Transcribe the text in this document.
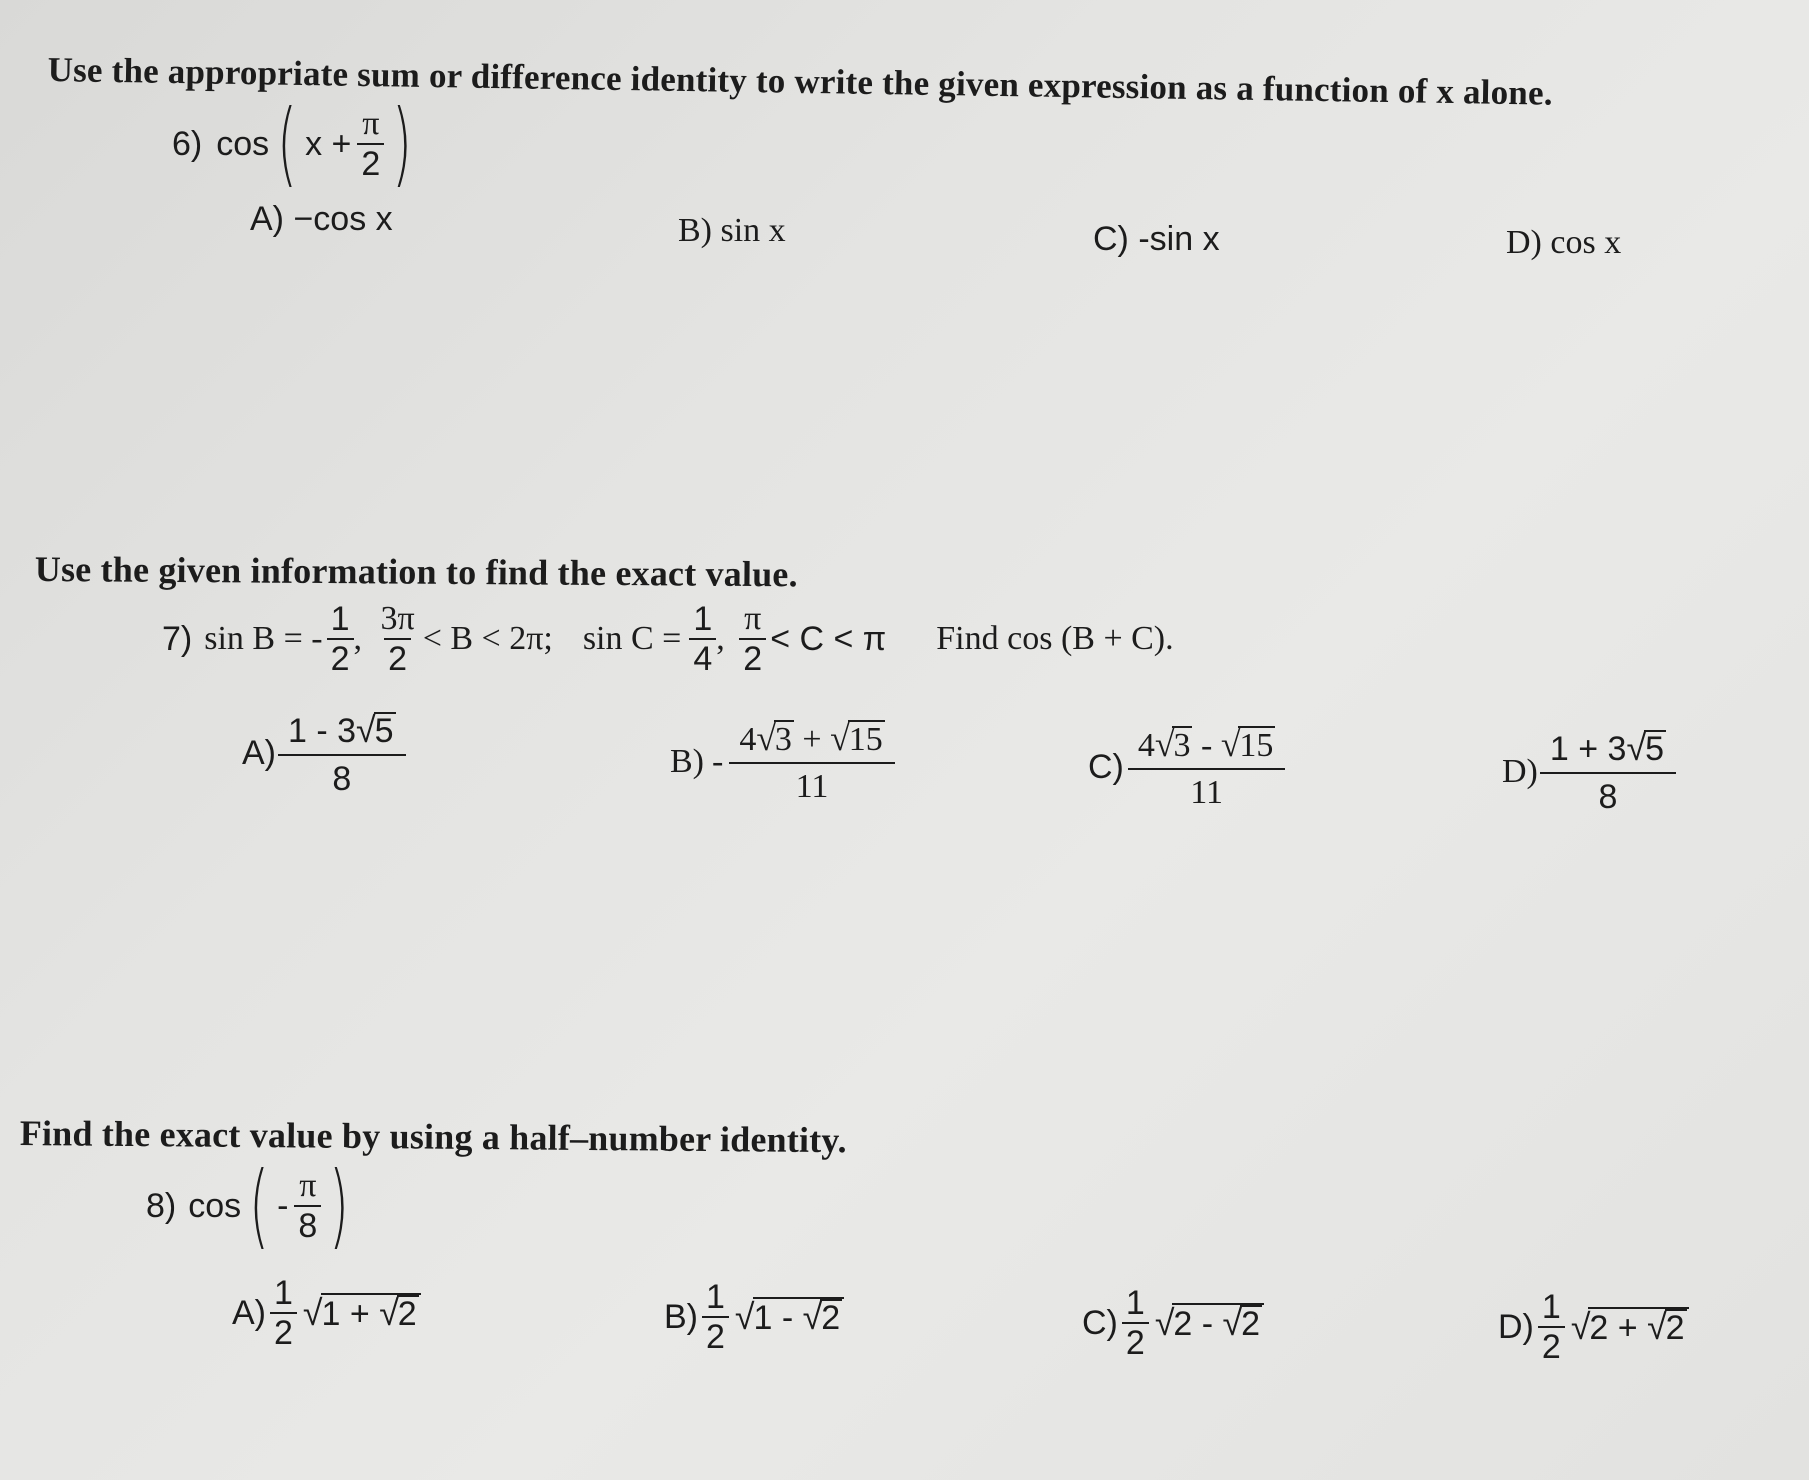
Use the appropriate sum or difference identity to write the given expression as a function of x alone.
6) cos ( $x + \frac{\pi}{2}$ )
A) −cos x	B) sin x	C) -sin x	D) cos x
Use the given information to find the exact value.
7) sin B = - $\frac{1}{2}$ , $\frac{3\pi}{2} < B < 2\pi$; $\sin C = \frac{1}{4}$ , $\frac{\pi}{2} < C < \pi$ Find cos (B + C).
$A) \frac{1 - 3√5}{8}$	$B) - \frac{4√3 + √15}{11}$	$C) \frac{4√3 - √15}{11}$	$D) \frac{1 + 3√5}{8}$
Find the exact value by using a half–number identity.
8) cos ( - $\frac{\pi}{8}$ )
$A) \frac{1}{2}$ √ 1 + √2	$B) \frac{1}{2}$ √ 1 - √2	$C) \frac{1}{2}$ √ 2 - √2	$D) \frac{1}{2}$ √ 2 + √2
